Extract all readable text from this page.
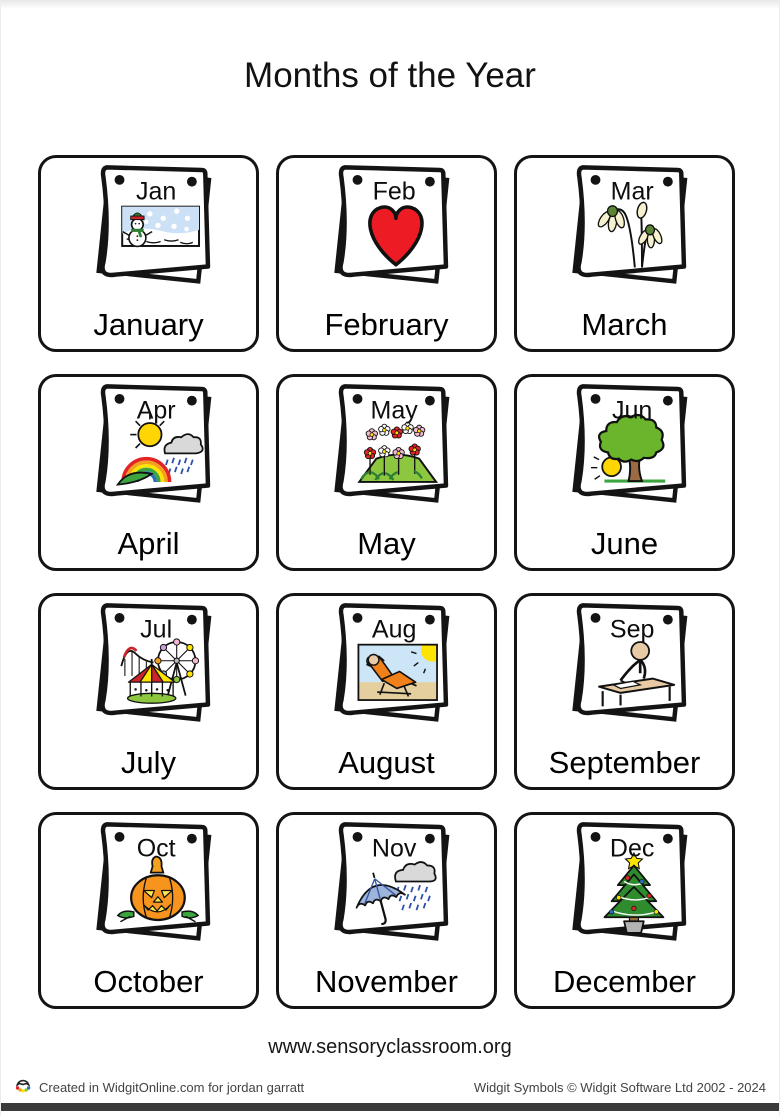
Months of the Year
Jan
January
Feb
February
Mar
March
Apr
April
May
May
Jun
June
Jul
July
Aug
August
Sep
September
Oct
October
Nov
November
Dec
December
www.sensoryclassroom.org
Created in WidgitOnline.com for jordan garratt	Widgit Symbols © Widgit Software Ltd 2002 - 2024
